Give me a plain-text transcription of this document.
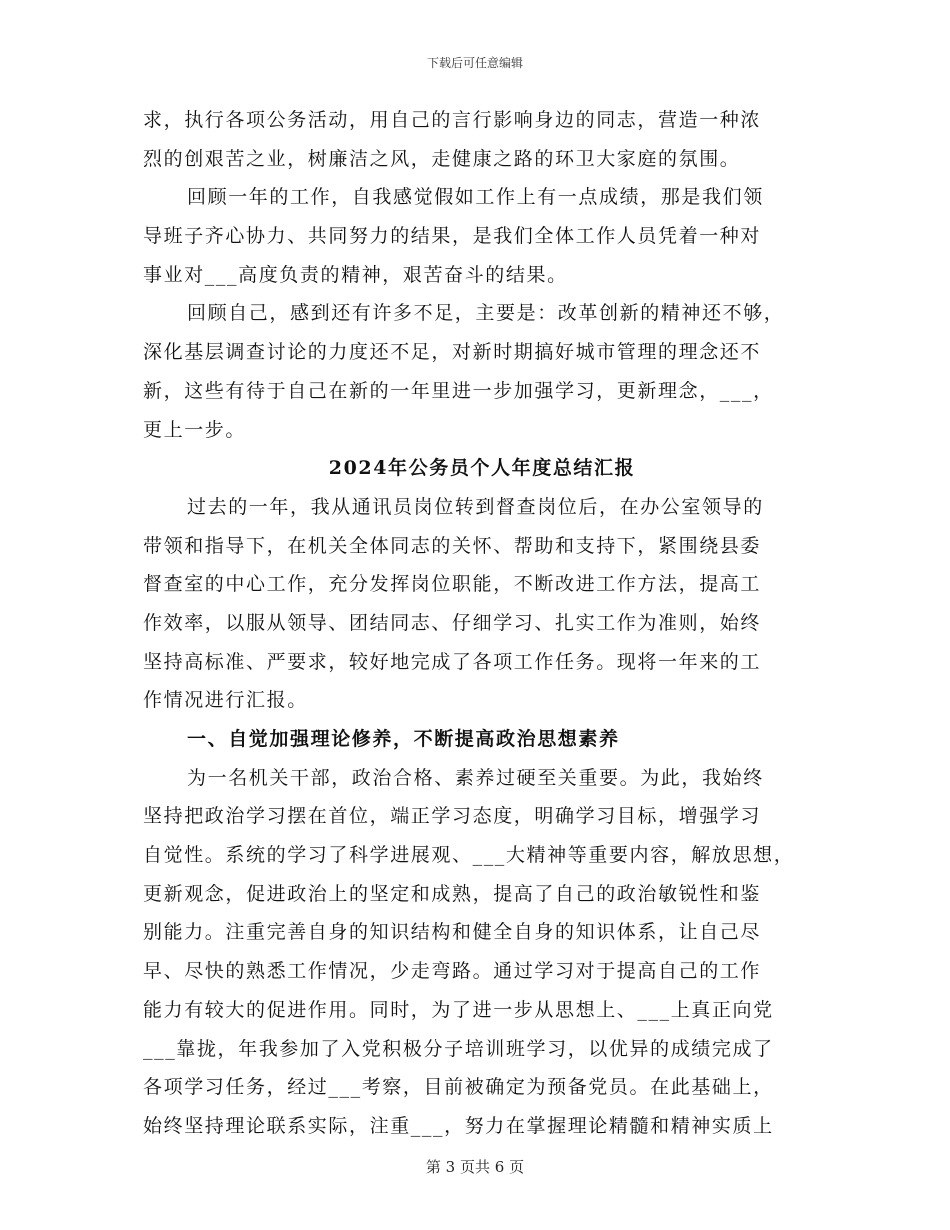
下载后可任意编辑
求，执行各项公务活动，用自己的言行影响身边的同志，营造一种浓
烈的创艰苦之业，树廉洁之风，走健康之路的环卫大家庭的氛围。
回顾一年的工作，自我感觉假如工作上有一点成绩，那是我们领
导班子齐心协力、共同努力的结果，是我们全体工作人员凭着一种对
事业对___高度负责的精神，艰苦奋斗的结果。
回顾自己，感到还有许多不足，主要是：改革创新的精神还不够，
深化基层调查讨论的力度还不足，对新时期搞好城市管理的理念还不
新，这些有待于自己在新的一年里进一步加强学习，更新理念，___，
更上一步。
2024年公务员个人年度总结汇报
过去的一年，我从通讯员岗位转到督查岗位后，在办公室领导的
带领和指导下，在机关全体同志的关怀、帮助和支持下，紧围绕县委
督查室的中心工作，充分发挥岗位职能，不断改进工作方法，提高工
作效率，以服从领导、团结同志、仔细学习、扎实工作为准则，始终
坚持高标准、严要求，较好地完成了各项工作任务。现将一年来的工
作情况进行汇报。
一、自觉加强理论修养，不断提高政治思想素养
为一名机关干部，政治合格、素养过硬至关重要。为此，我始终
坚持把政治学习摆在首位，端正学习态度，明确学习目标，增强学习
自觉性。系统的学习了科学进展观、___大精神等重要内容，解放思想，
更新观念，促进政治上的坚定和成熟，提高了自己的政治敏锐性和鉴
别能力。注重完善自身的知识结构和健全自身的知识体系，让自己尽
早、尽快的熟悉工作情况，少走弯路。通过学习对于提高自己的工作
能力有较大的促进作用。同时，为了进一步从思想上、___上真正向党
___靠拢，年我参加了入党积极分子培训班学习，以优异的成绩完成了
各项学习任务，经过___考察，目前被确定为预备党员。在此基础上，
始终坚持理论联系实际，注重___，努力在掌握理论精髓和精神实质上
第 3 页共 6 页
